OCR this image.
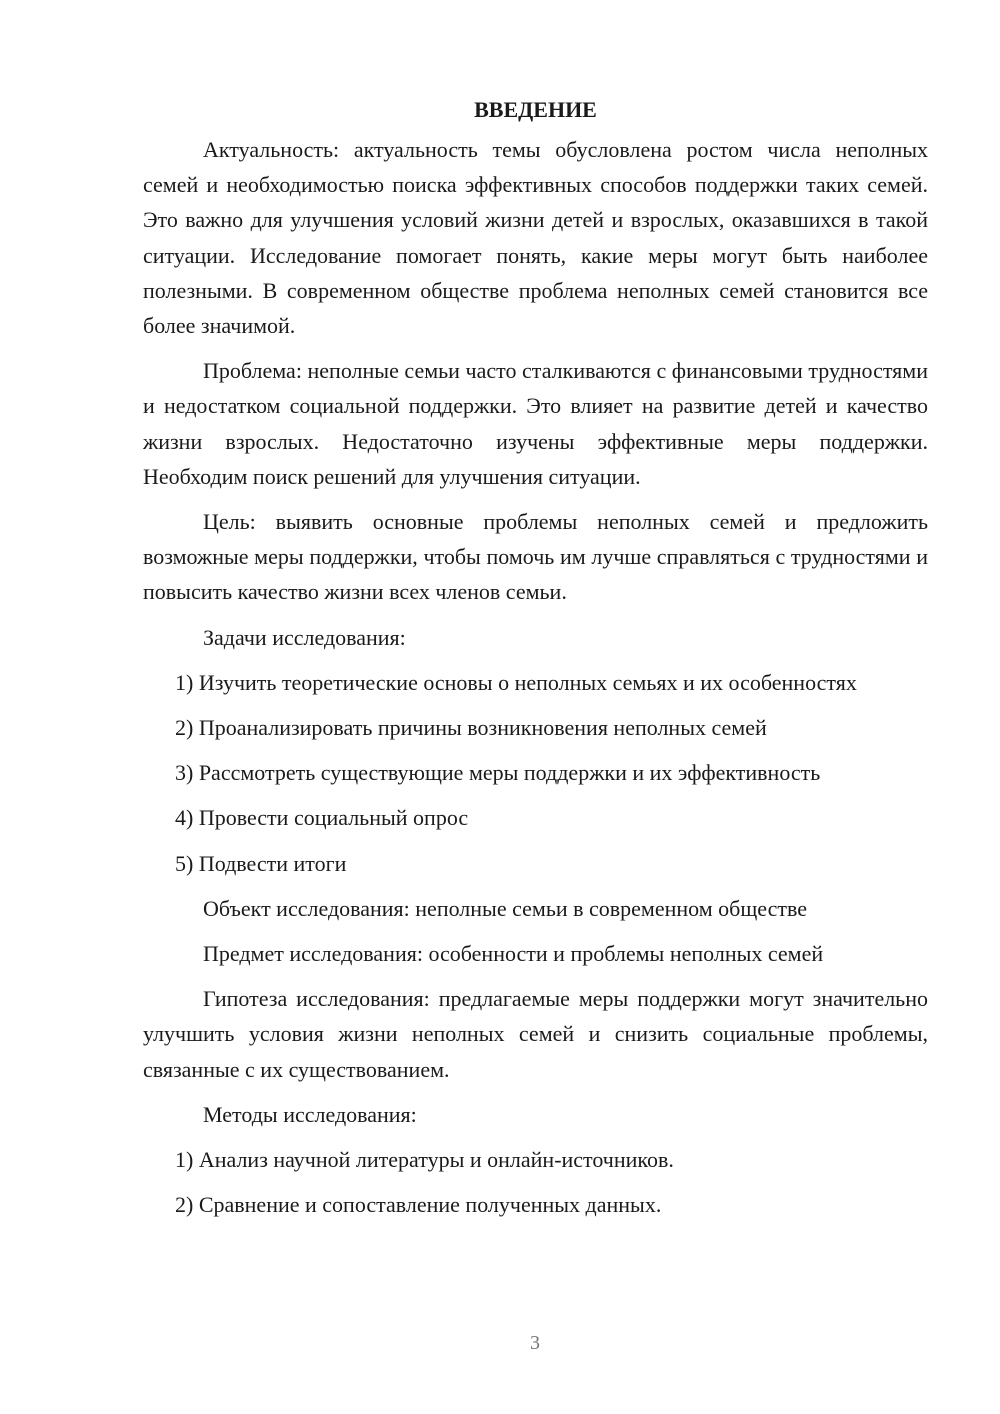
ВВЕДЕНИЕ

Актуальность: актуальность темы обусловлена ростом числа неполных семей и необходимостью поиска эффективных способов поддержки таких семей. Это важно для улучшения условий жизни детей и взрослых, оказавшихся в такой ситуации. Исследование помогает понять, какие меры могут быть наиболее полезными. В современном обществе проблема неполных семей становится все более значимой.

Проблема: неполные семьи часто сталкиваются с финансовыми трудностями и недостатком социальной поддержки. Это влияет на развитие детей и качество жизни взрослых. Недостаточно изучены эффективные меры поддержки. Необходим поиск решений для улучшения ситуации.

Цель: выявить основные проблемы неполных семей и предложить возможные меры поддержки, чтобы помочь им лучше справляться с трудностями и повысить качество жизни всех членов семьи.

Задачи исследования:

1) Изучить теоретические основы о неполных семьях и их особенностях

2) Проанализировать причины возникновения неполных семей

3) Рассмотреть существующие меры поддержки и их эффективность

4) Провести социальный опрос

5) Подвести итоги

Объект исследования: неполные семьи в современном обществе

Предмет исследования: особенности и проблемы неполных семей

Гипотеза исследования: предлагаемые меры поддержки могут значительно улучшить условия жизни неполных семей и снизить социальные проблемы, связанные с их существованием.

Методы исследования:

1) Анализ научной литературы и онлайн-источников.

2) Сравнение и сопоставление полученных данных.

3
